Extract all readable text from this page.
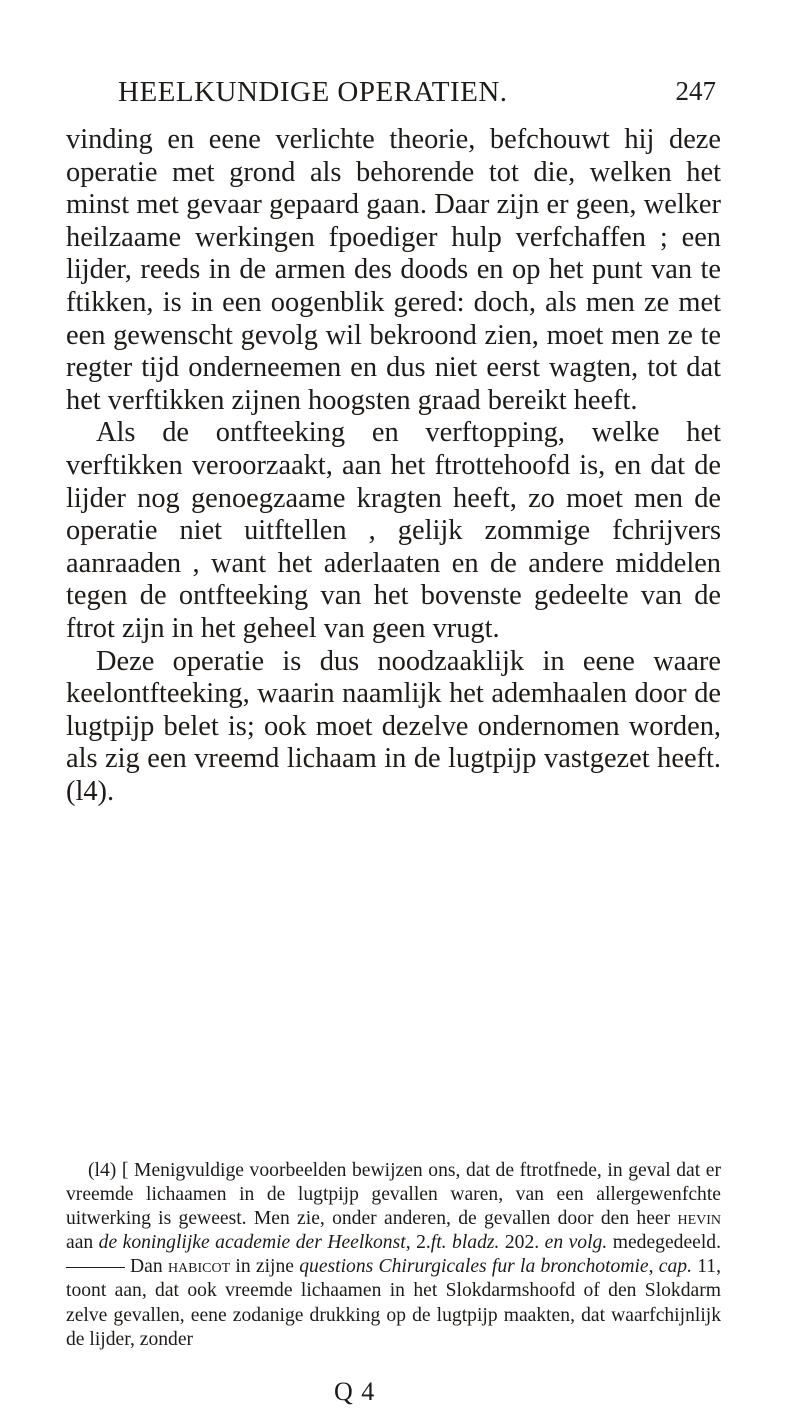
HEELKUNDIGE OPERATIEN.	247

vinding en eene verlichte theorie, befchouwt hij deze operatie met grond als behorende tot die, welken het minst met gevaar gepaard gaan. Daar zijn er geen, welker heilzaame werkingen fpoediger hulp verfchaffen ; een lijder, reeds in de armen des doods en op het punt van te ftikken, is in een oogenblik gered: doch, als men ze met een gewenscht gevolg wil bekroond zien, moet men ze te regter tijd onderneemen en dus niet eerst wagten, tot dat het verftikken zijnen hoogsten graad bereikt heeft.

Als de ontfteeking en verftopping, welke het verftikken veroorzaakt, aan het ftrottehoofd is, en dat de lijder nog genoegzaame kragten heeft, zo moet men de operatie niet uitftellen , gelijk zommige fchrijvers aanraaden , want het aderlaaten en de andere middelen tegen de ontfteeking van het bovenste gedeelte van de ftrot zijn in het geheel van geen vrugt.

Deze operatie is dus noodzaaklijk in eene waare keelontfteeking, waarin naamlijk het ademhaalen door de lugtpijp belet is; ook moet dezelve ondernomen worden, als zig een vreemd lichaam in de lugtpijp vastgezet heeft. (l4).

(l4) [ Menigvuldige voorbeelden bewijzen ons, dat de ftrotfnede, in geval dat er vreemde lichaamen in de lugtpijp gevallen waren, van een allergewenfchte uitwerking is geweest. Men zie, onder anderen, de gevallen door den heer hevin aan de koninglijke academie der Heelkonst, 2.ft. bladz. 202. en volg. medegedeeld.——— Dan habicot in zijne questions Chirurgicales fur la bronchotomie, cap. 11, toont aan, dat ook vreemde lichaamen in het Slokdarmshoofd of den Slokdarm zelve gevallen, eene zodanige drukking op de lugtpijp maakten, dat waarfchijnlijk de lijder, zonder

Q 4
